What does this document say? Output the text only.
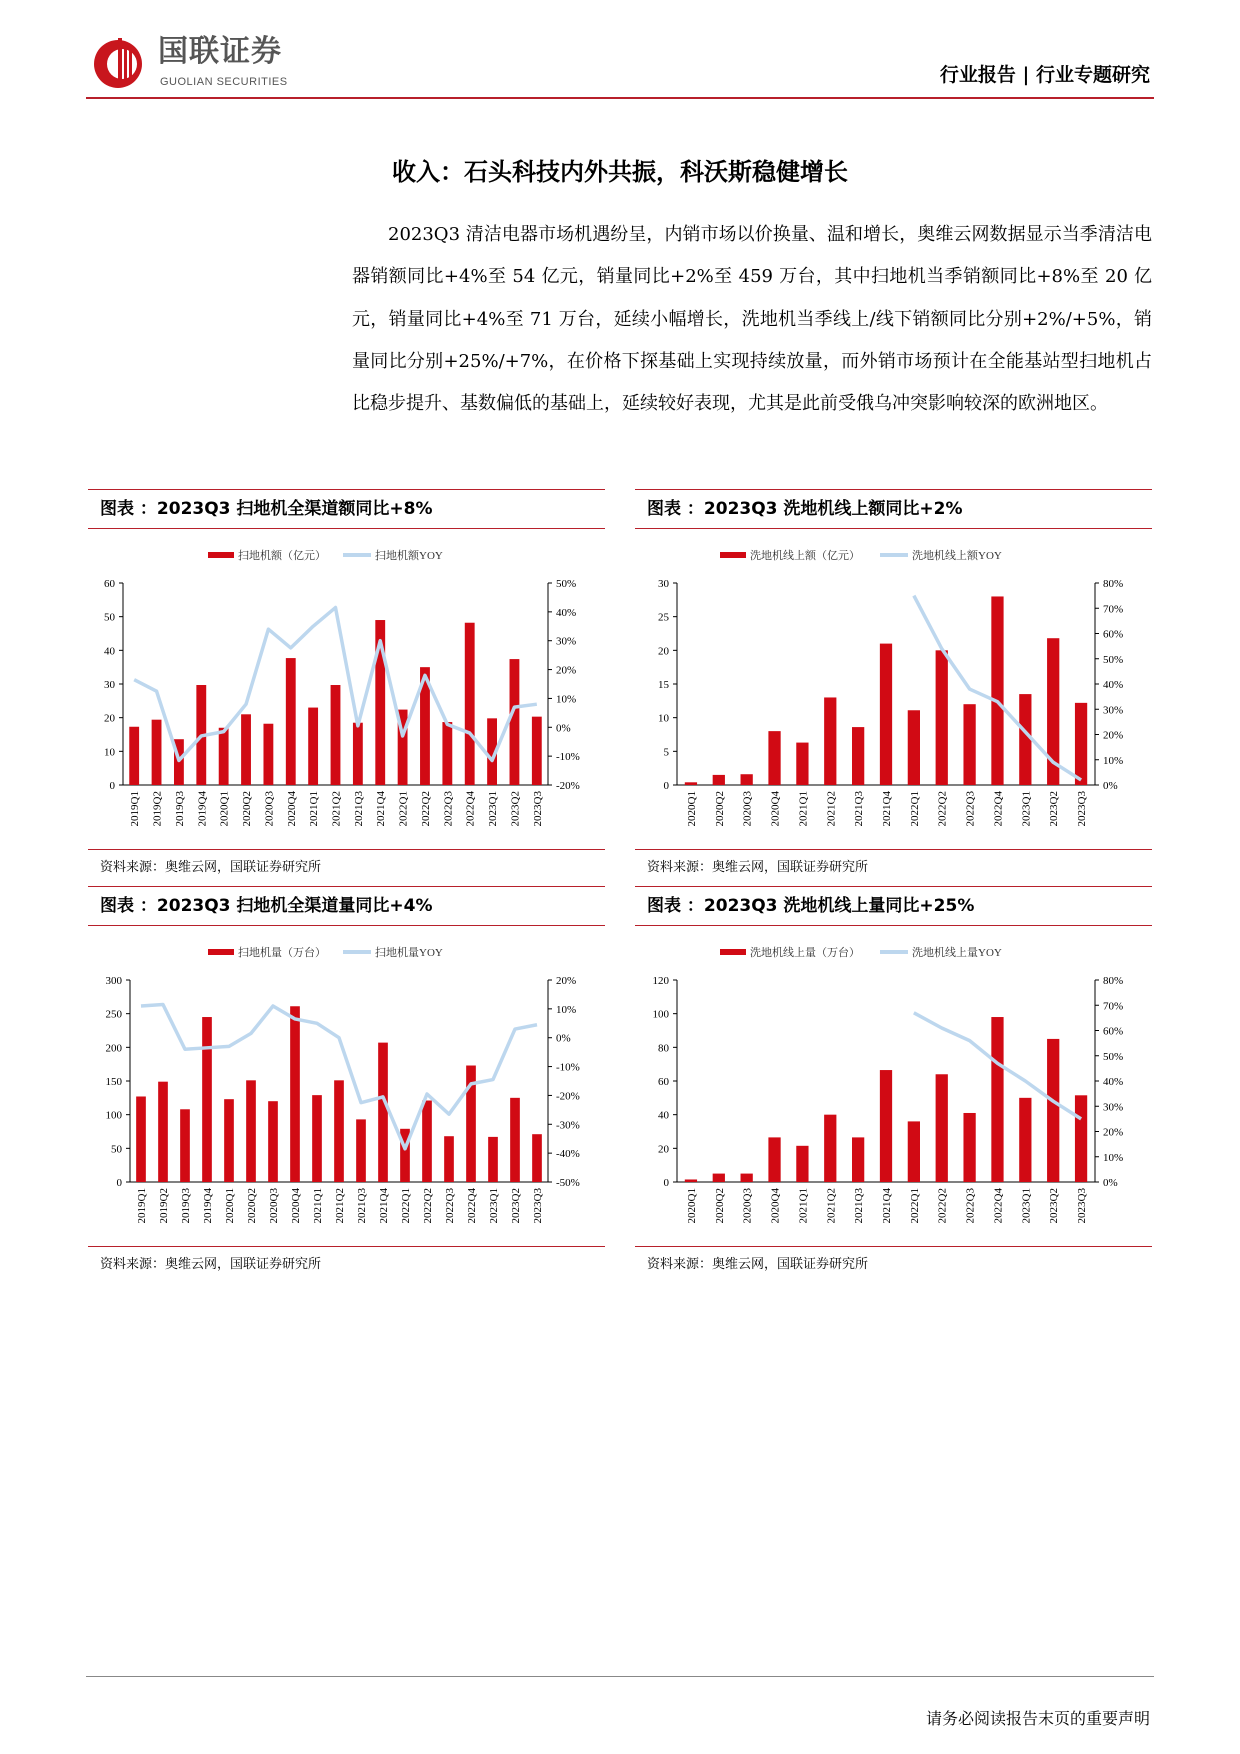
国联证券
GUOLIAN SECURITIES	行业报告 | 行业专题研究
收入：石头科技内外共振，科沃斯稳健增长
2023Q3 清洁电器市场机遇纷呈，内销市场以价换量、温和增长，奥维云网数据显示当季清洁电器销额同比+4%至 54 亿元，销量同比+2%至 459 万台，其中扫地机当季销额同比+8%至 20 亿元，销量同比+4%至 71 万台，延续小幅增长，洗地机当季线上/线下销额同比分别+2%/+5%，销量同比分别+25%/+7%，在价格下探基础上实现持续放量，而外销市场预计在全能基站型扫地机占比稳步提升、基数偏低的基础上，延续较好表现，尤其是此前受俄乌冲突影响较深的欧洲地区。
图表 ：2023Q3 扫地机全渠道额同比+8%
扫地机额（亿元）	扫地机额YOY
0
10
20
30
40
50
60
-20%
-10%
0%
10%
20%
30%
40%
50%
2019Q1 2019Q2 2019Q3 2019Q4 2020Q1 2020Q2 2020Q3 2020Q4 2021Q1 2021Q2 2021Q3 2021Q4 2022Q1 2022Q2 2022Q3 2022Q4 2023Q1 2023Q2 2023Q3
资料来源：奥维云网，国联证券研究所
图表 ：2023Q3 洗地机线上额同比+2%
洗地机线上额（亿元）	洗地机线上额YOY
0
5
10
15
20
25
30
0%
10%
20%
30%
40%
50%
60%
70%
80%
2020Q1 2020Q2 2020Q3 2020Q4 2021Q1 2021Q2 2021Q3 2021Q4 2022Q1 2022Q2 2022Q3 2022Q4 2023Q1 2023Q2 2023Q3
资料来源：奥维云网，国联证券研究所
图表 ：2023Q3 扫地机全渠道量同比+4%
扫地机量（万台）	扫地机量YOY
0
50
100
150
200
250
300
-50%
-40%
-30%
-20%
-10%
0%
10%
20%
2019Q1 2019Q2 2019Q3 2019Q4 2020Q1 2020Q2 2020Q3 2020Q4 2021Q1 2021Q2 2021Q3 2021Q4 2022Q1 2022Q2 2022Q3 2022Q4 2023Q1 2023Q2 2023Q3
资料来源：奥维云网，国联证券研究所
图表 ：2023Q3 洗地机线上量同比+25%
洗地机线上量（万台）	洗地机线上量YOY
0
20
40
60
80
100
120
0%
10%
20%
30%
40%
50%
60%
70%
80%
2020Q1 2020Q2 2020Q3 2020Q4 2021Q1 2021Q2 2021Q3 2021Q4 2022Q1 2022Q2 2022Q3 2022Q4 2023Q1 2023Q2 2023Q3
资料来源：奥维云网，国联证券研究所
请务必阅读报告末页的重要声明
